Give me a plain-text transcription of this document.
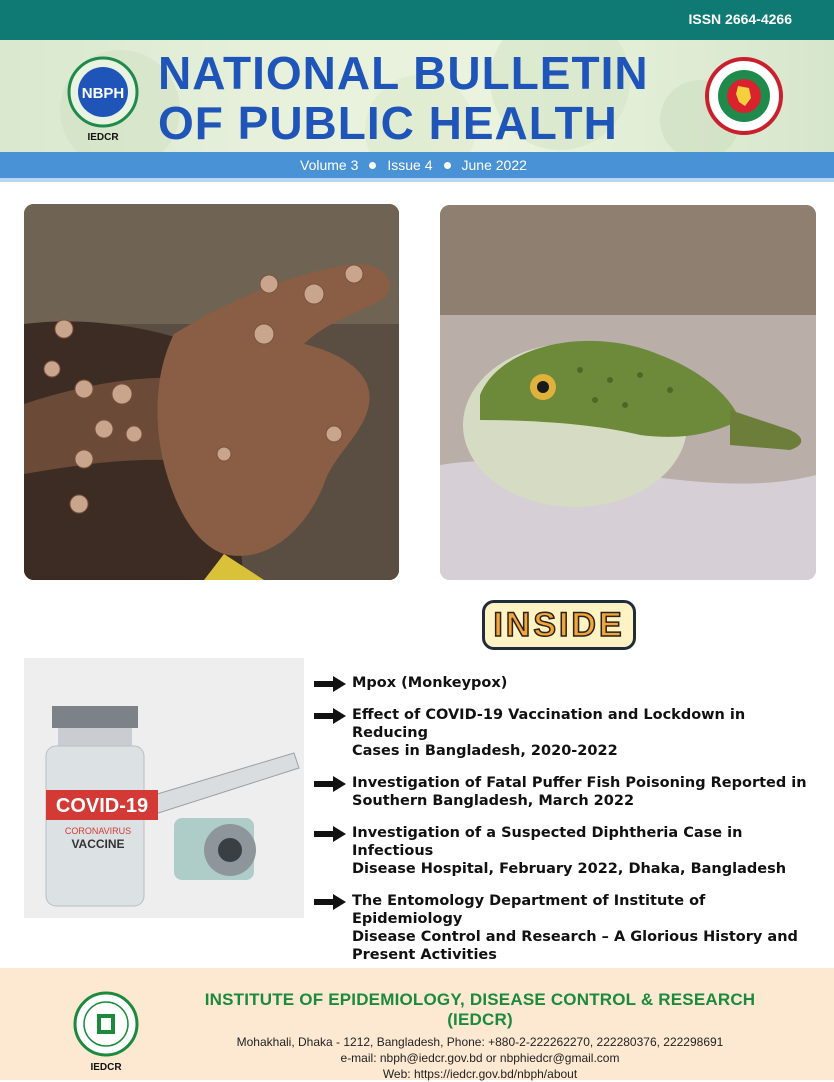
ISSN 2664-4266
NBPH
IEDCR
NATIONAL BULLETIN
OF PUBLIC HEALTH
Volume 3 Issue 4 June 2022
INSIDE
COVID-19
CORONAVIRUS
VACCINE
Mpox (Monkeypox)
Effect of COVID-19 Vaccination and Lockdown in Reducing
Cases in Bangladesh, 2020-2022
Investigation of Fatal Puffer Fish Poisoning Reported in
Southern Bangladesh, March 2022
Investigation of a Suspected Diphtheria Case in Infectious
Disease Hospital, February 2022, Dhaka, Bangladesh
The Entomology Department of Institute of Epidemiology
Disease Control and Research – A Glorious History and
Present Activities
IEDCR
INSTITUTE OF EPIDEMIOLOGY, DISEASE CONTROL & RESEARCH (IEDCR)
Mohakhali, Dhaka - 1212, Bangladesh, Phone: +880-2-222262270, 222280376, 222298691
e-mail: nbph@iedcr.gov.bd or nbphiedcr@gmail.com
Web: https://iedcr.gov.bd/nbph/about
